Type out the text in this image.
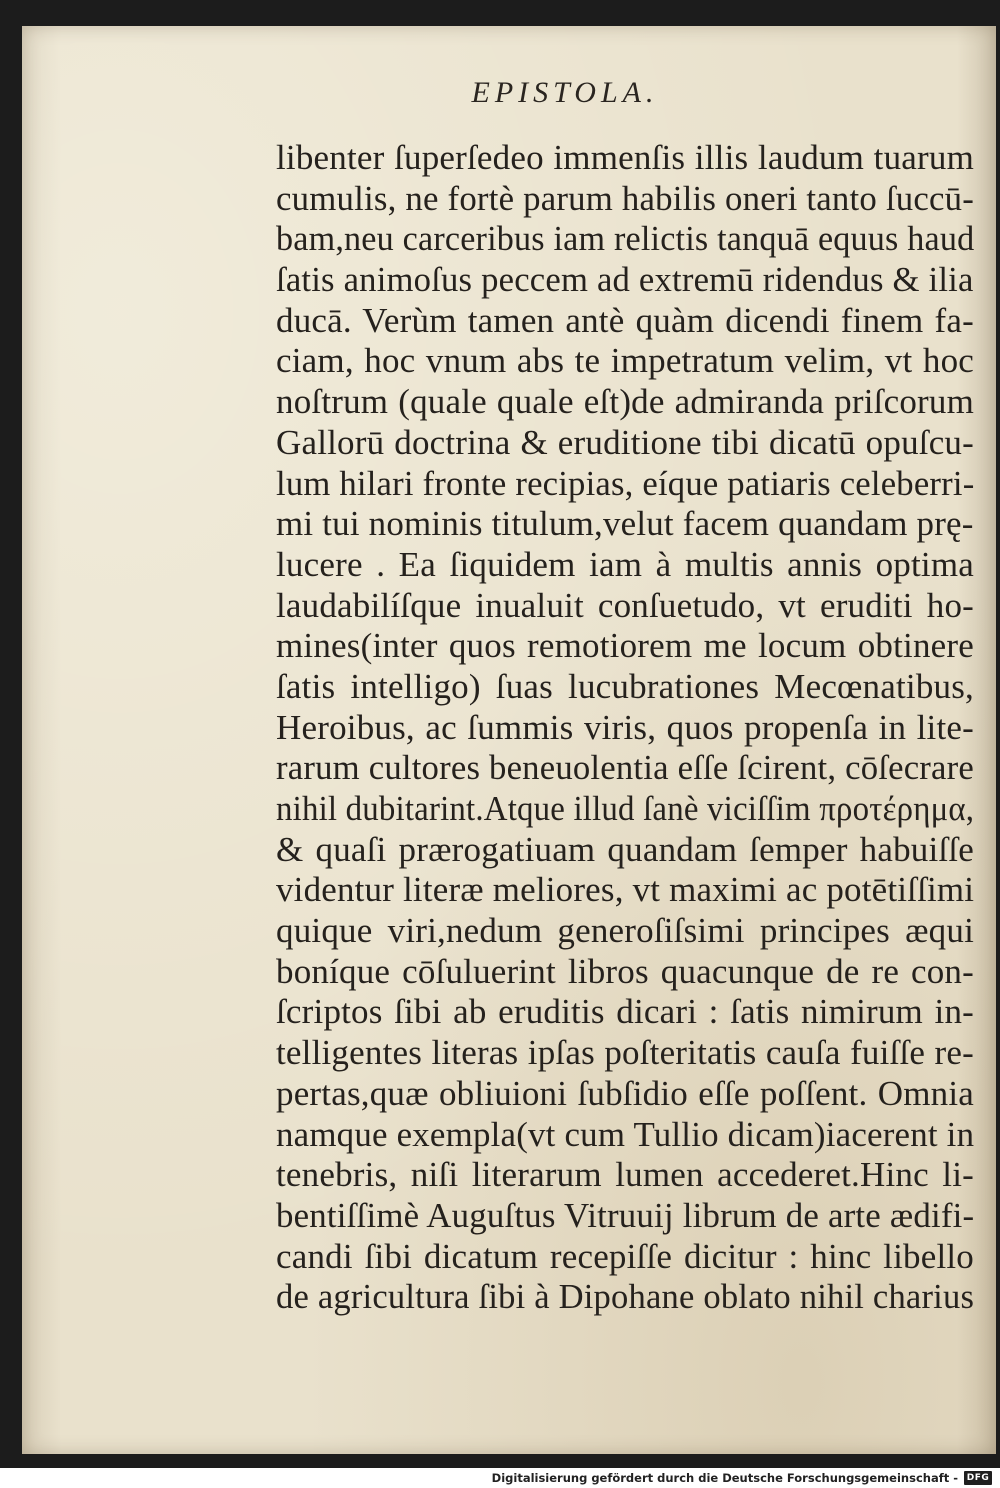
EPISTOLA.
libenter ſuperſedeo immenſis illis laudum tuarum
cumulis, ne fortè parum habilis oneri tanto ſuccū-
bam,neu carceribus iam relictis tanquā equus haud
ſatis animoſus peccem ad extremū ridendus & ilia
ducā. Verùm tamen antè quàm dicendi finem fa-
ciam, hoc vnum abs te impetratum velim, vt hoc
noſtrum (quale quale eſt)de admiranda priſcorum
Gallorū doctrina & eruditione tibi dicatū opuſcu-
lum hilari fronte recipias, eíque patiaris celeberri-
mi tui nominis titulum,velut facem quandam prę-
lucere . Ea ſiquidem iam à multis annis optima
laudabilíſque inualuit conſuetudo, vt eruditi ho-
mines(inter quos remotiorem me locum obtinere
ſatis intelligo) ſuas lucubrationes Mecœnatibus,
Heroibus, ac ſummis viris, quos propenſa in lite-
rarum cultores beneuolentia eſſe ſcirent, cōſecrare
nihil dubitarint.Atque illud ſanè viciſſim πρoτέρημα,
& quaſi prærogatiuam quandam ſemper habuiſſe
videntur literæ meliores, vt maximi ac potētiſſimi
quique viri,nedum generoſiſsimi principes æqui
boníque cōſuluerint libros quacunque de re con-
ſcriptos ſibi ab eruditis dicari : ſatis nimirum in-
telligentes literas ipſas poſteritatis cauſa fuiſſe re-
pertas,quæ obliuioni ſubſidio eſſe poſſent. Omnia
namque exempla(vt cum Tullio dicam)iacerent in
tenebris, niſi literarum lumen accederet.Hinc li-
bentiſſimè Auguſtus Vitruuij librum de arte ædifi-
candi ſibi dicatum recepiſſe dicitur : hinc libello
de agricultura ſibi à Dipohane oblato nihil charius
Digitalisierung gefördert durch die Deutsche Forschungsgemeinschaft - DFG
